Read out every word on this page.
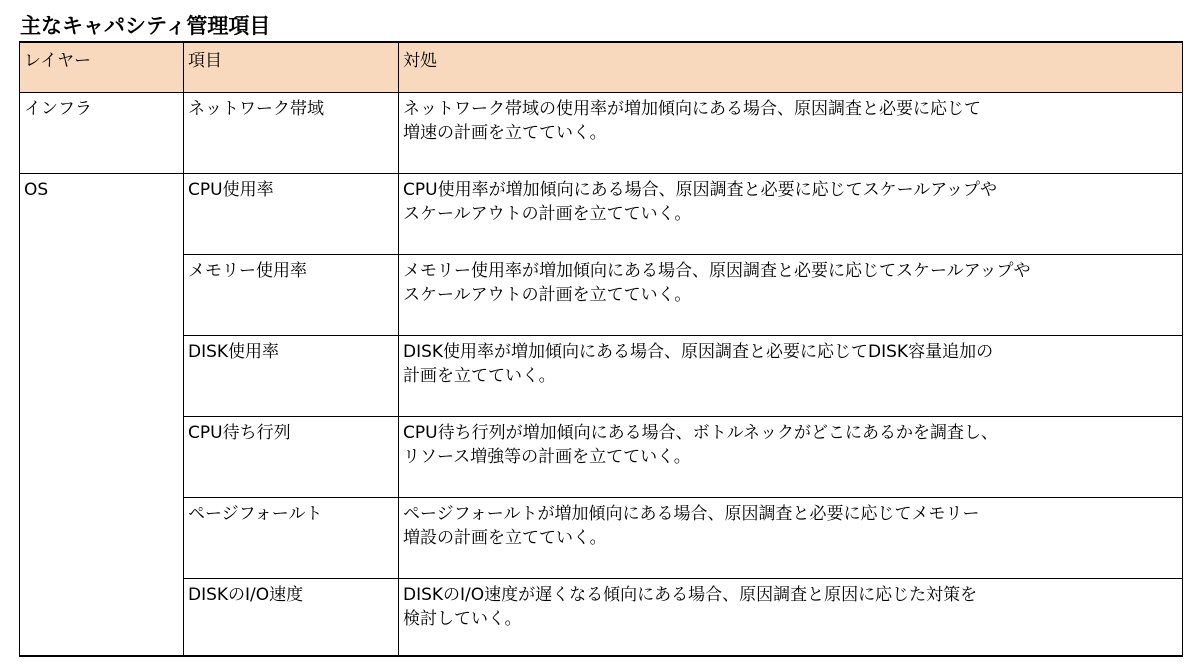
主なキャパシティ管理項目
レイヤー	項目	対処
インフラ	ネットワーク帯域	ネットワーク帯域の使用率が増加傾向にある場合、原因調査と必要に応じて
増速の計画を立てていく。

OS	CPU使用率	CPU使用率が増加傾向にある場合、原因調査と必要に応じてスケールアップや
スケールアウトの計画を立てていく。

	メモリー使用率	メモリー使用率が増加傾向にある場合、原因調査と必要に応じてスケールアップや
スケールアウトの計画を立てていく。

	DISK使用率	DISK使用率が増加傾向にある場合、原因調査と必要に応じてDISK容量追加の
計画を立てていく。

	CPU待ち行列	CPU待ち行列が増加傾向にある場合、ボトルネックがどこにあるかを調査し、
リソース増強等の計画を立てていく。

	ページフォールト	ページフォールトが増加傾向にある場合、原因調査と必要に応じてメモリー
増設の計画を立てていく。

	DISKのI/O速度	DISKのI/O速度が遅くなる傾向にある場合、原因調査と原因に応じた対策を
検討していく。
